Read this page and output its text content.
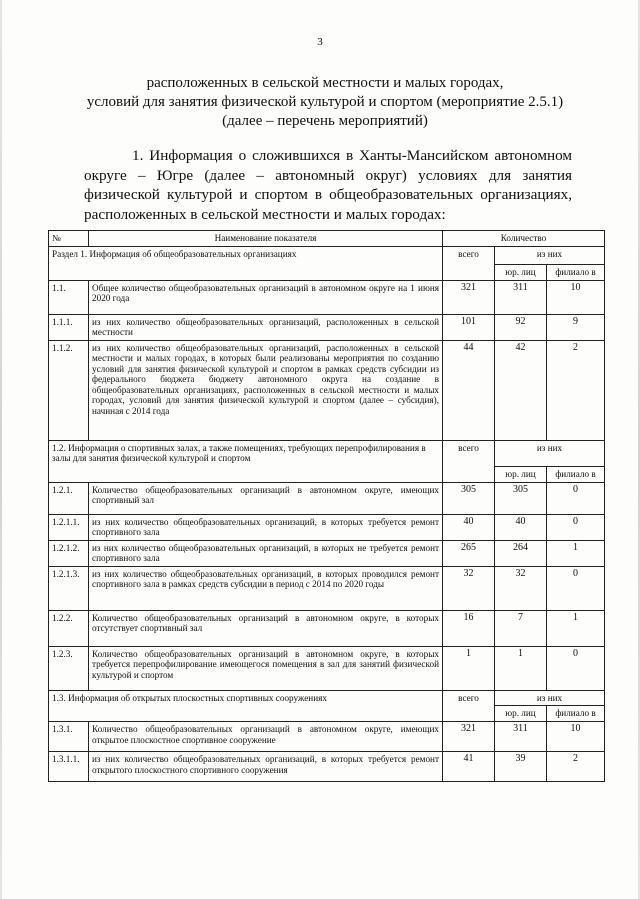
3
расположенных в сельской местности и малых городах,
условий для занятия физической культурой и спортом (мероприятие 2.5.1)
(далее – перечень мероприятий)
1. Информация о сложившихся в Ханты-Мансийском автономном округе – Югре (далее – автономный округ) условиях для занятия физической культурой и спортом в общеобразовательных организациях, расположенных в сельской местности и малых городах:
№	Наименование показателя	Количество		
Раздел 1. Информация об общеобразовательных организациях		всего	из них	
			юр. лиц	филиало в
1.1.	Общее количество общеобразовательных организаций в автономном округе на 1 июня 2020 года	321	311	10
1.1.1.	из них количество общеобразовательных организаций, расположенных в сельской местности	101	92	9
1.1.2.	из них количество общеобразовательных организаций, расположенных в сельской местности и малых городах, в которых были реализованы мероприятия по созданию условий для занятия физической культурой и спортом в рамках средств субсидии из федерального бюджета бюджету автономного округа на создание в общеобразовательных организациях, расположенных в сельской местности и малых городах, условий для занятия физической культурой и спортом (далее – субсидия), начиная с 2014 года	44	42	2
1.2. Информация о спортивных залах, а также помещениях, требующих перепрофилирования в залы для занятия физической культурой и спортом		всего	из них	
			юр. лиц	филиало в
1.2.1.	Количество общеобразовательных организаций в автономном округе, имеющих спортивный зал	305	305	0
1.2.1.1.	из них количество общеобразовательных организаций, в которых требуется ремонт спортивного зала	40	40	0
1.2.1.2.	из них количество общеобразовательных организаций, в которых не требуется ремонт спортивного зала	265	264	1
1.2.1.3.	из них количество общеобразовательных организаций, в которых проводился ремонт спортивного зала в рамках средств субсидии в период с 2014 по 2020 годы	32	32	0
1.2.2.	Количество общеобразовательных организаций в автономном округе, в которых отсутствует спортивный зал	16	7	1
1.2.3.	Количество общеобразовательных организаций в автономном округе, в которых требуется перепрофилирование имеющегося помещения в зал для занятий физической культурой и спортом	1	1	0
1.3. Информация об открытых плоскостных спортивных сооружениях		всего	из них	
			юр. лиц	филиало в
1.3.1.	Количество общеобразовательных организаций в автономном округе, имеющих открытое плоскостное спортивное сооружение	321	311	10
1.3.1.1.	из них количество общеобразовательных организаций, в которых требуется ремонт открытого плоскостного спортивного сооружения	41	39	2
